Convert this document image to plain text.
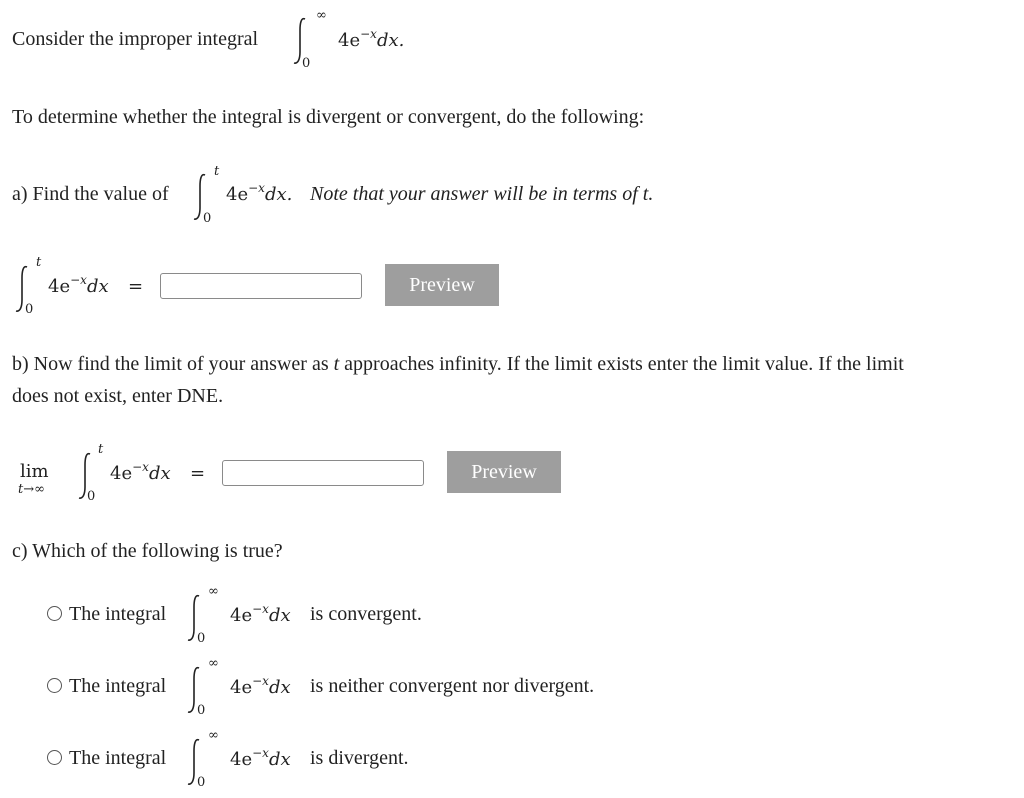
Consider the improper integral
∞
0
$4e^{-x}dx$.
To determine whether the integral is divergent or convergent, do the following:
a) Find the value of
t
0
$4e^{-x}dx$. Note that your answer will be in terms of t.
t
0
$4e^{-x}dx$ =	Preview
b) Now find the limit of your answer as t approaches infinity. If the limit exists enter the limit value. If the limit
does not exist, enter DNE.
lim
t→∞
t
0
$4e^{-x}dx$ =	Preview
c) Which of the following is true?
The integral
∞
0
$4e^{-x}dx$ is convergent.
The integral
∞
0
$4e^{-x}dx$ is neither convergent nor divergent.
The integral
∞
0
$4e^{-x}dx$ is divergent.
